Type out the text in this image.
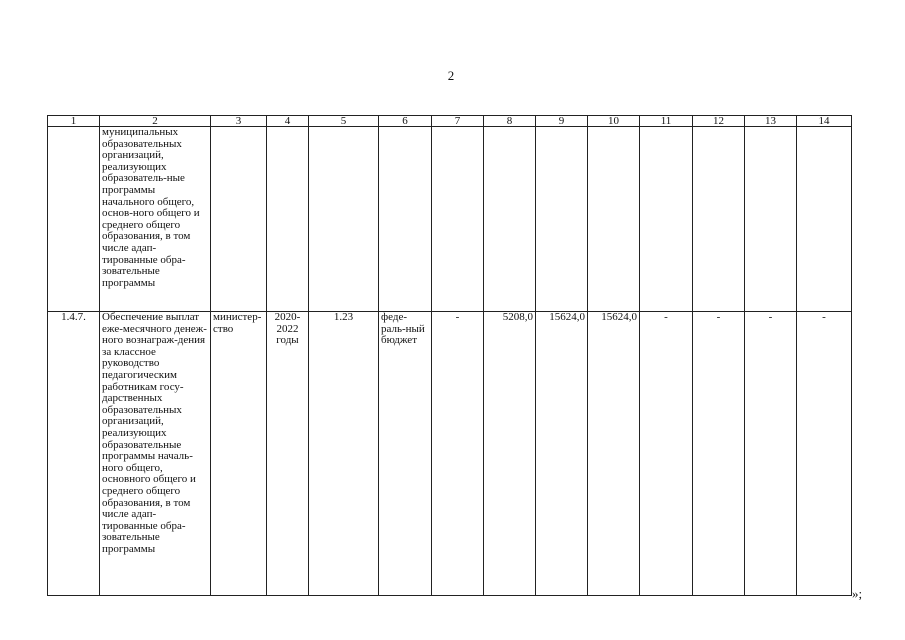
2
1	2	3	4	5	6	7	8	9	10	11	12	13	14
	муниципальных образовательных организаций, реализующих образователь-ные программы начального общего, основ-ного общего и среднего общего образования, в том числе адап-тированные обра-зовательные программы												
1.4.7.	Обеспечение выплат еже-месячного денеж-ного вознаграж-дения за классное руководство педагогическим работникам госу-дарственных образовательных организаций, реализующих образовательные программы началь-ного общего, основного общего и среднего общего образования, в том числе адап-тированные обра-зовательные программы	министер-ство	2020-2022 годы	1.23	феде-раль-ный бюджет	-	5208,0	15624,0	15624,0	-	-	-	-
»;
